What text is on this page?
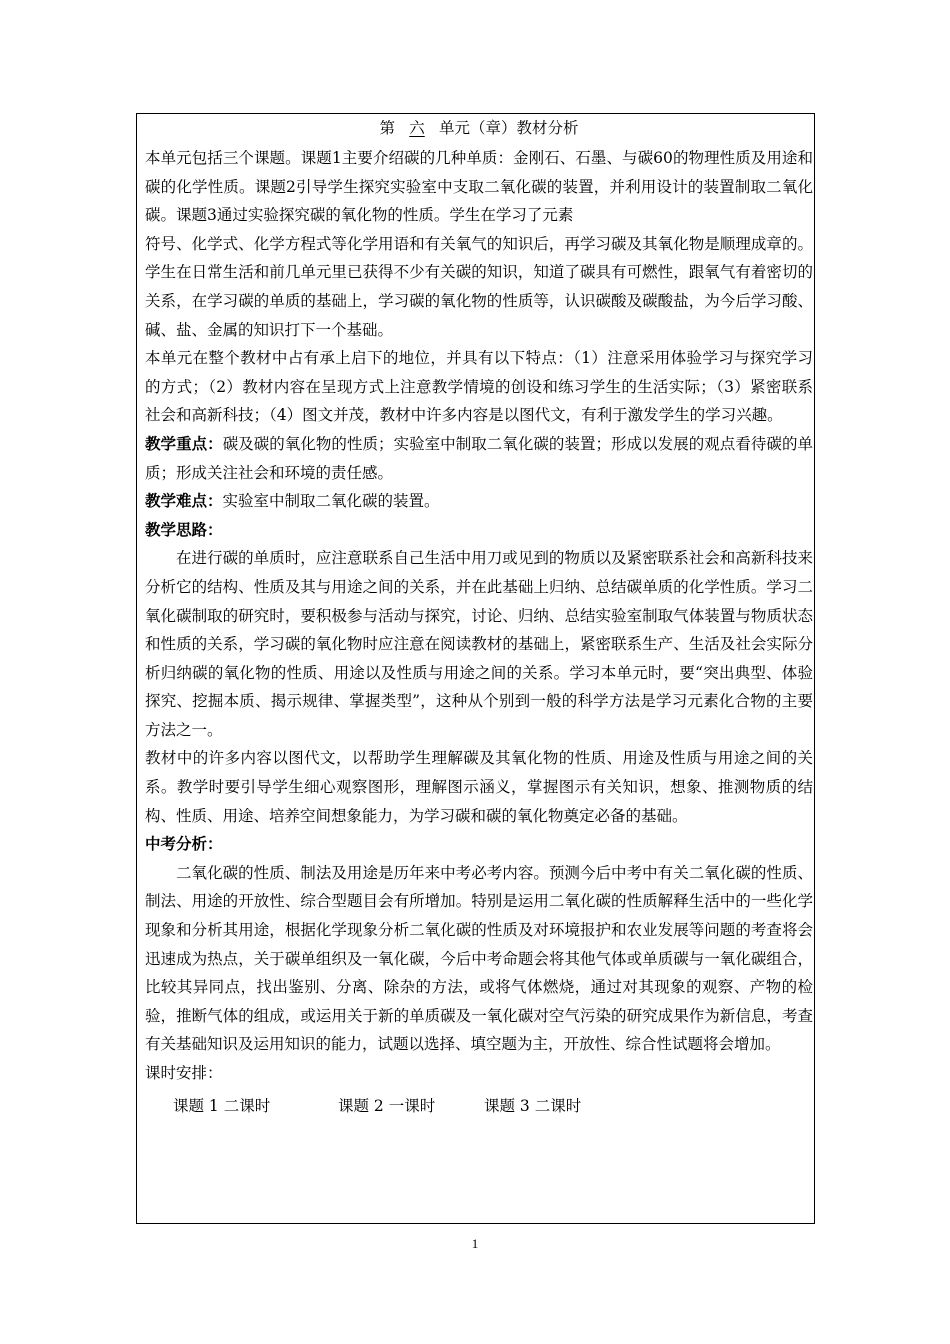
第 六 单元（章）教材分析

本单元包括三个课题。课题1主要介绍碳的几种单质：金刚石、石墨、与碳60的物理性质及用途和碳的化学性质。课题2引导学生探究实验室中支取二氧化碳的装置，并利用设计的装置制取二氧化碳。课题3通过实验探究碳的氧化物的性质。学生在学习了元素

符号、化学式、化学方程式等化学用语和有关氧气的知识后，再学习碳及其氧化物是顺理成章的。学生在日常生活和前几单元里已获得不少有关碳的知识，知道了碳具有可燃性，跟氧气有着密切的关系，在学习碳的单质的基础上，学习碳的氧化物的性质等，认识碳酸及碳酸盐，为今后学习酸、碱、盐、金属的知识打下一个基础。

本单元在整个教材中占有承上启下的地位，并具有以下特点：（1）注意采用体验学习与探究学习的方式；（2）教材内容在呈现方式上注意教学情境的创设和练习学生的生活实际；（3）紧密联系社会和高新科技；（4）图文并茂，教材中许多内容是以图代文，有利于激发学生的学习兴趣。

教学重点：碳及碳的氧化物的性质；实验室中制取二氧化碳的装置；形成以发展的观点看待碳的单质；形成关注社会和环境的责任感。

教学难点：实验室中制取二氧化碳的装置。

教学思路：

在进行碳的单质时，应注意联系自己生活中用刀或见到的物质以及紧密联系社会和高新科技来分析它的结构、性质及其与用途之间的关系，并在此基础上归纳、总结碳单质的化学性质。学习二氧化碳制取的研究时，要积极参与活动与探究，讨论、归纳、总结实验室制取气体装置与物质状态和性质的关系，学习碳的氧化物时应注意在阅读教材的基础上，紧密联系生产、生活及社会实际分析归纳碳的氧化物的性质、用途以及性质与用途之间的关系。学习本单元时，要“突出典型、体验探究、挖掘本质、揭示规律、掌握类型”，这种从个别到一般的科学方法是学习元素化合物的主要方法之一。

教材中的许多内容以图代文，以帮助学生理解碳及其氧化物的性质、用途及性质与用途之间的关系。教学时要引导学生细心观察图形，理解图示涵义，掌握图示有关知识，想象、推测物质的结构、性质、用途、培养空间想象能力，为学习碳和碳的氧化物奠定必备的基础。

中考分析：

二氧化碳的性质、制法及用途是历年来中考必考内容。预测今后中考中有关二氧化碳的性质、制法、用途的开放性、综合型题目会有所增加。特别是运用二氧化碳的性质解释生活中的一些化学现象和分析其用途，根据化学现象分析二氧化碳的性质及对环境报护和农业发展等问题的考查将会迅速成为热点，关于碳单组织及一氧化碳，今后中考命题会将其他气体或单质碳与一氧化碳组合，比较其异同点，找出鉴别、分离、除杂的方法，或将气体燃烧，通过对其现象的观察、产物的检验，推断气体的组成，或运用关于新的单质碳及一氧化碳对空气污染的研究成果作为新信息，考查有关基础知识及运用知识的能力，试题以选择、填空题为主，开放性、综合性试题将会增加。

课时安排：

课题 1 二课时	课题 2 一课时	课题 3 二课时
1
